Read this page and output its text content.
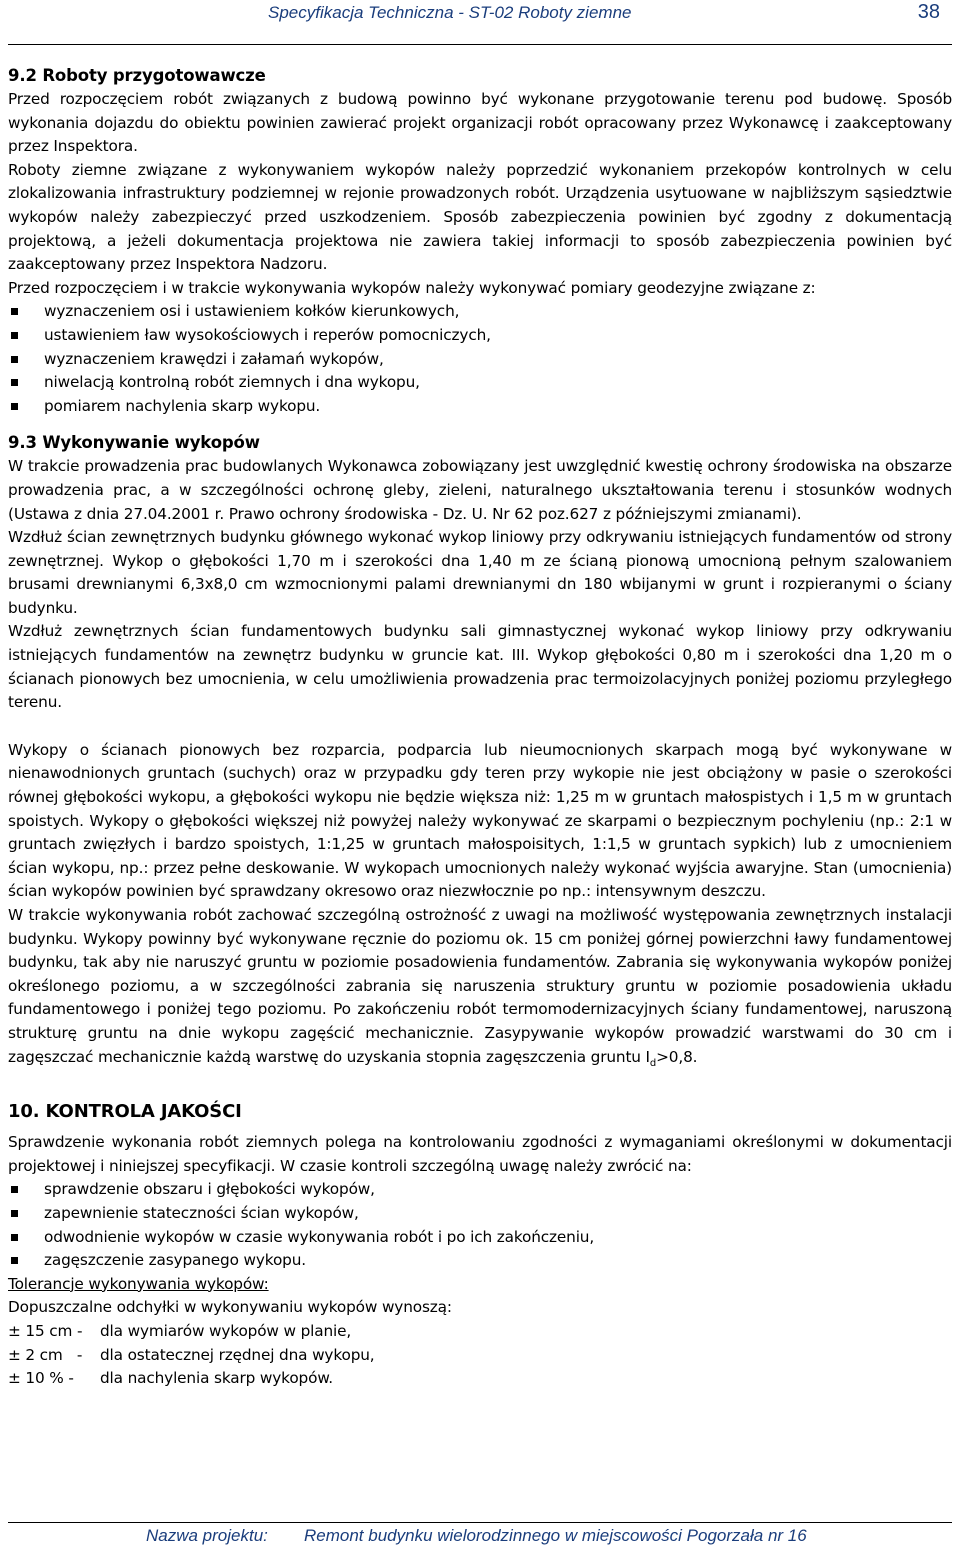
Specyfikacja Techniczna - ST-02 Roboty ziemne	38
9.2 Roboty przygotowawcze

Przed rozpoczęciem robót związanych z budową powinno być wykonane przygotowanie terenu pod budowę. Sposób wykonania dojazdu do obiektu powinien zawierać projekt organizacji robót opracowany przez Wykonawcę i zaakceptowany przez Inspektora.

Roboty ziemne związane z wykonywaniem wykopów należy poprzedzić wykonaniem przekopów kontrolnych w celu zlokalizowania infrastruktury podziemnej w rejonie prowadzonych robót. Urządzenia usytuowane w najbliższym sąsiedztwie wykopów należy zabezpieczyć przed uszkodzeniem. Sposób zabezpieczenia powinien być zgodny z dokumentacją projektową, a jeżeli dokumentacja projektowa nie zawiera takiej informacji to sposób zabezpieczenia powinien być zaakceptowany przez Inspektora Nadzoru.

Przed rozpoczęciem i w trakcie wykonywania wykopów należy wykonywać pomiary geodezyjne związane z:

wyznaczeniem osi i ustawieniem kołków kierunkowych,
ustawieniem ław wysokościowych i reperów pomocniczych,
wyznaczeniem krawędzi i załamań wykopów,
niwelacją kontrolną robót ziemnych i dna wykopu,
pomiarem nachylenia skarp wykopu.
9.3 Wykonywanie wykopów

W trakcie prowadzenia prac budowlanych Wykonawca zobowiązany jest uwzględnić kwestię ochrony środowiska na obszarze prowadzenia prac, a w szczególności ochronę gleby, zieleni, naturalnego ukształtowania terenu i stosunków wodnych (Ustawa z dnia 27.04.2001 r. Prawo ochrony środowiska - Dz. U. Nr 62 poz.627 z późniejszymi zmianami).

Wzdłuż ścian zewnętrznych budynku głównego wykonać wykop liniowy przy odkrywaniu istniejących fundamentów od strony zewnętrznej. Wykop o głębokości 1,70 m i szerokości dna 1,40 m ze ścianą pionową umocnioną pełnym szalowaniem brusami drewnianymi 6,3x8,0 cm wzmocnionymi palami drewnianymi dn 180 wbijanymi w grunt i rozpieranymi o ściany budynku.

Wzdłuż zewnętrznych ścian fundamentowych budynku sali gimnastycznej wykonać wykop liniowy przy odkrywaniu istniejących fundamentów na zewnętrz budynku w gruncie kat. III. Wykop głębokości 0,80 m i szerokości dna 1,20 m o ścianach pionowych bez umocnienia, w celu umożliwienia prowadzenia prac termoizolacyjnych poniżej poziomu przyległego terenu.

Wykopy o ścianach pionowych bez rozparcia, podparcia lub nieumocnionych skarpach mogą być wykonywane w nienawodnionych gruntach (suchych) oraz w przypadku gdy teren przy wykopie nie jest obciążony w pasie o szerokości równej głębokości wykopu, a głębokości wykopu nie będzie większa niż: 1,25 m w gruntach małospistych i 1,5 m w gruntach spoistych. Wykopy o głębokości większej niż powyżej należy wykonywać ze skarpami o bezpiecznym pochyleniu (np.: 2:1 w gruntach zwięzłych i bardzo spoistych, 1:1,25 w gruntach małospoisitych, 1:1,5 w gruntach sypkich) lub z umocnieniem ścian wykopu, np.: przez pełne deskowanie. W wykopach umocnionych należy wykonać wyjścia awaryjne. Stan (umocnienia) ścian wykopów powinien być sprawdzany okresowo oraz niezwłocznie po np.: intensywnym deszczu.

W trakcie wykonywania robót zachować szczególną ostrożność z uwagi na możliwość występowania zewnętrznych instalacji budynku. Wykopy powinny być wykonywane ręcznie do poziomu ok. 15 cm poniżej górnej powierzchni ławy fundamentowej budynku, tak aby nie naruszyć gruntu w poziomie posadowienia fundamentów. Zabrania się wykonywania wykopów poniżej określonego poziomu, a w szczególności zabrania się naruszenia struktury gruntu w poziomie posadowienia układu fundamentowego i poniżej tego poziomu. Po zakończeniu robót termomodernizacyjnych ściany fundamentowej, naruszoną strukturę gruntu na dnie wykopu zagęścić mechanicznie. Zasypywanie wykopów prowadzić warstwami do 30 cm i zagęszczać mechanicznie każdą warstwę do uzyskania stopnia zagęszczenia gruntu $I_d>0,8$.

10. KONTROLA JAKOŚCI

Sprawdzenie wykonania robót ziemnych polega na kontrolowaniu zgodności z wymaganiami określonymi w dokumentacji projektowej i niniejszej specyfikacji. W czasie kontroli szczególną uwagę należy zwrócić na:

sprawdzenie obszaru i głębokości wykopów,
zapewnienie stateczności ścian wykopów,
odwodnienie wykopów w czasie wykonywania robót i po ich zakończeniu,
zagęszczenie zasypanego wykopu.

Tolerancje wykonywania wykopów:

Dopuszczalne odchyłki w wykonywaniu wykopów wynoszą:

± 15 cm -	dla wymiarów wykopów w planie,
± 2 cm   -	dla ostatecznej rzędnej dna wykopu,
± 10 % -	dla nachylenia skarp wykopów.
Nazwa projektu: Remont budynku wielorodzinnego w miejscowości Pogorzała nr 16
